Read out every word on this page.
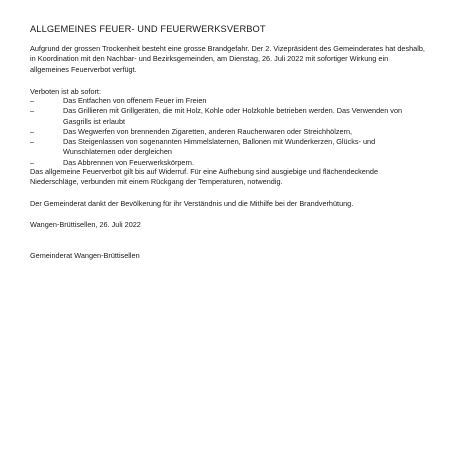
ALLGEMEINES FEUER- UND FEUERWERKSVERBOT
Aufgrund der grossen Trockenheit besteht eine grosse Brandgefahr. Der 2. Vizepräsident des Gemeinderates hat deshalb, in Koordination mit den Nachbar- und Bezirksgemeinden, am Dienstag, 26. Juli 2022 mit sofortiger Wirkung ein allgemeines Feuerverbot verfügt.
Verboten ist ab sofort:
–	Das Entfachen von offenem Feuer im Freien
–	Das Grillieren mit Grillgeräten, die mit Holz, Kohle oder Holzkohle betrieben werden. Das Verwenden von Gasgrills ist erlaubt
–	Das Wegwerfen von brennenden Zigaretten, anderen Raucherwaren oder Streichhölzern,
–	Das Steigenlassen von sogenannten Himmelslaternen, Ballonen mit Wunderkerzen, Glücks- und Wunschlaternen oder dergleichen
–	Das Abbrennen von Feuerwerkskörpern.
Das allgemeine Feuerverbot gilt bis auf Widerruf. Für eine Aufhebung sind ausgiebige und flächendeckende Niederschläge, verbunden mit einem Rückgang der Temperaturen, notwendig.
Der Gemeinderat dankt der Bevölkerung für ihr Verständnis und die Mithilfe bei der Brandverhütung.
Wangen-Brüttisellen, 26. Juli 2022
Gemeinderat Wangen-Brüttisellen
